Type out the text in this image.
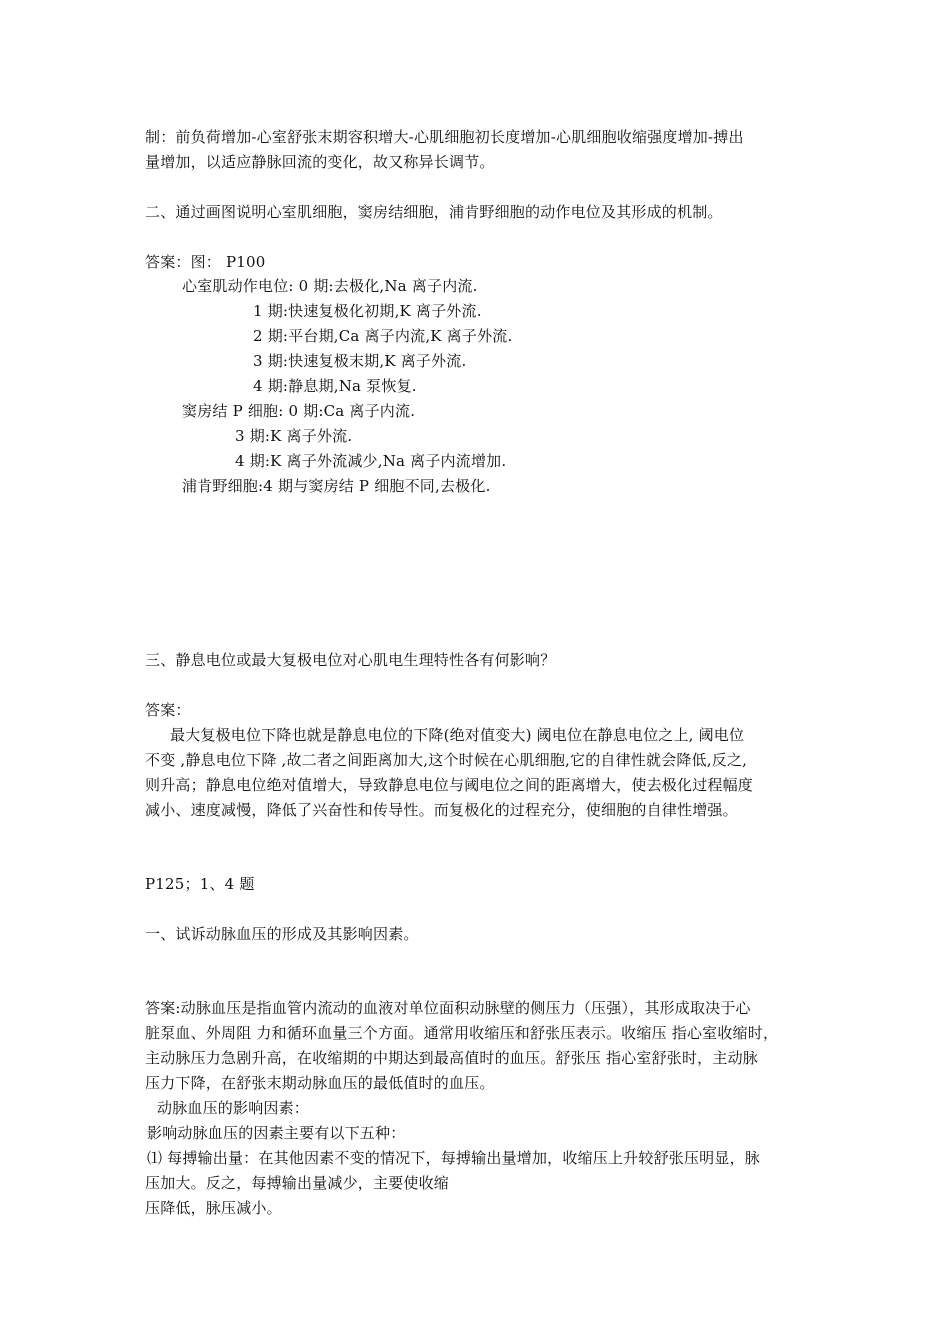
制：前负荷增加-心室舒张末期容积增大-心肌细胞初长度增加-心肌细胞收缩强度增加-搏出
量增加，以适应静脉回流的变化，故又称异长调节。
二、通过画图说明心室肌细胞，窦房结细胞，浦肯野细胞的动作电位及其形成的机制。
答案：图： P100
心室肌动作电位: 0 期:去极化,Na 离子内流.
1 期:快速复极化初期,K 离子外流.
2 期:平台期,Ca 离子内流,K 离子外流.
3 期:快速复极末期,K 离子外流.
4 期:静息期,Na 泵恢复.
窦房结 P 细胞: 0 期:Ca 离子内流.
3 期:K 离子外流.
4 期:K 离子外流减少,Na 离子内流增加.
浦肯野细胞:4 期与窦房结 P 细胞不同,去极化.
三、静息电位或最大复极电位对心肌电生理特性各有何影响？
答案：
最大复极电位下降也就是静息电位的下降(绝对值变大) 阈电位在静息电位之上, 阈电位
不变 ,静息电位下降 ,故二者之间距离加大,这个时候在心肌细胞,它的自律性就会降低,反之,
则升高；静息电位绝对值增大，导致静息电位与阈电位之间的距离增大，使去极化过程幅度
减小、速度减慢，降低了兴奋性和传导性。而复极化的过程充分，使细胞的自律性增强。
P125；1、4 题
一、试诉动脉血压的形成及其影响因素。
答案:动脉血压是指血管内流动的血液对单位面积动脉壁的侧压力（压强），其形成取决于心
脏泵血、外周阻 力和循环血量三个方面。通常用收缩压和舒张压表示。收缩压 指心室收缩时，
主动脉压力急剧升高，在收缩期的中期达到最高值时的血压。舒张压 指心室舒张时，主动脉
压力下降，在舒张末期动脉血压的最低值时的血压。
动脉血压的影响因素：
影响动脉血压的因素主要有以下五种：
⑴ 每搏输出量：在其他因素不变的情况下，每搏输出量增加，收缩压上升较舒张压明显，脉
压加大。反之，每搏输出量减少，主要使收缩
压降低，脉压减小。
